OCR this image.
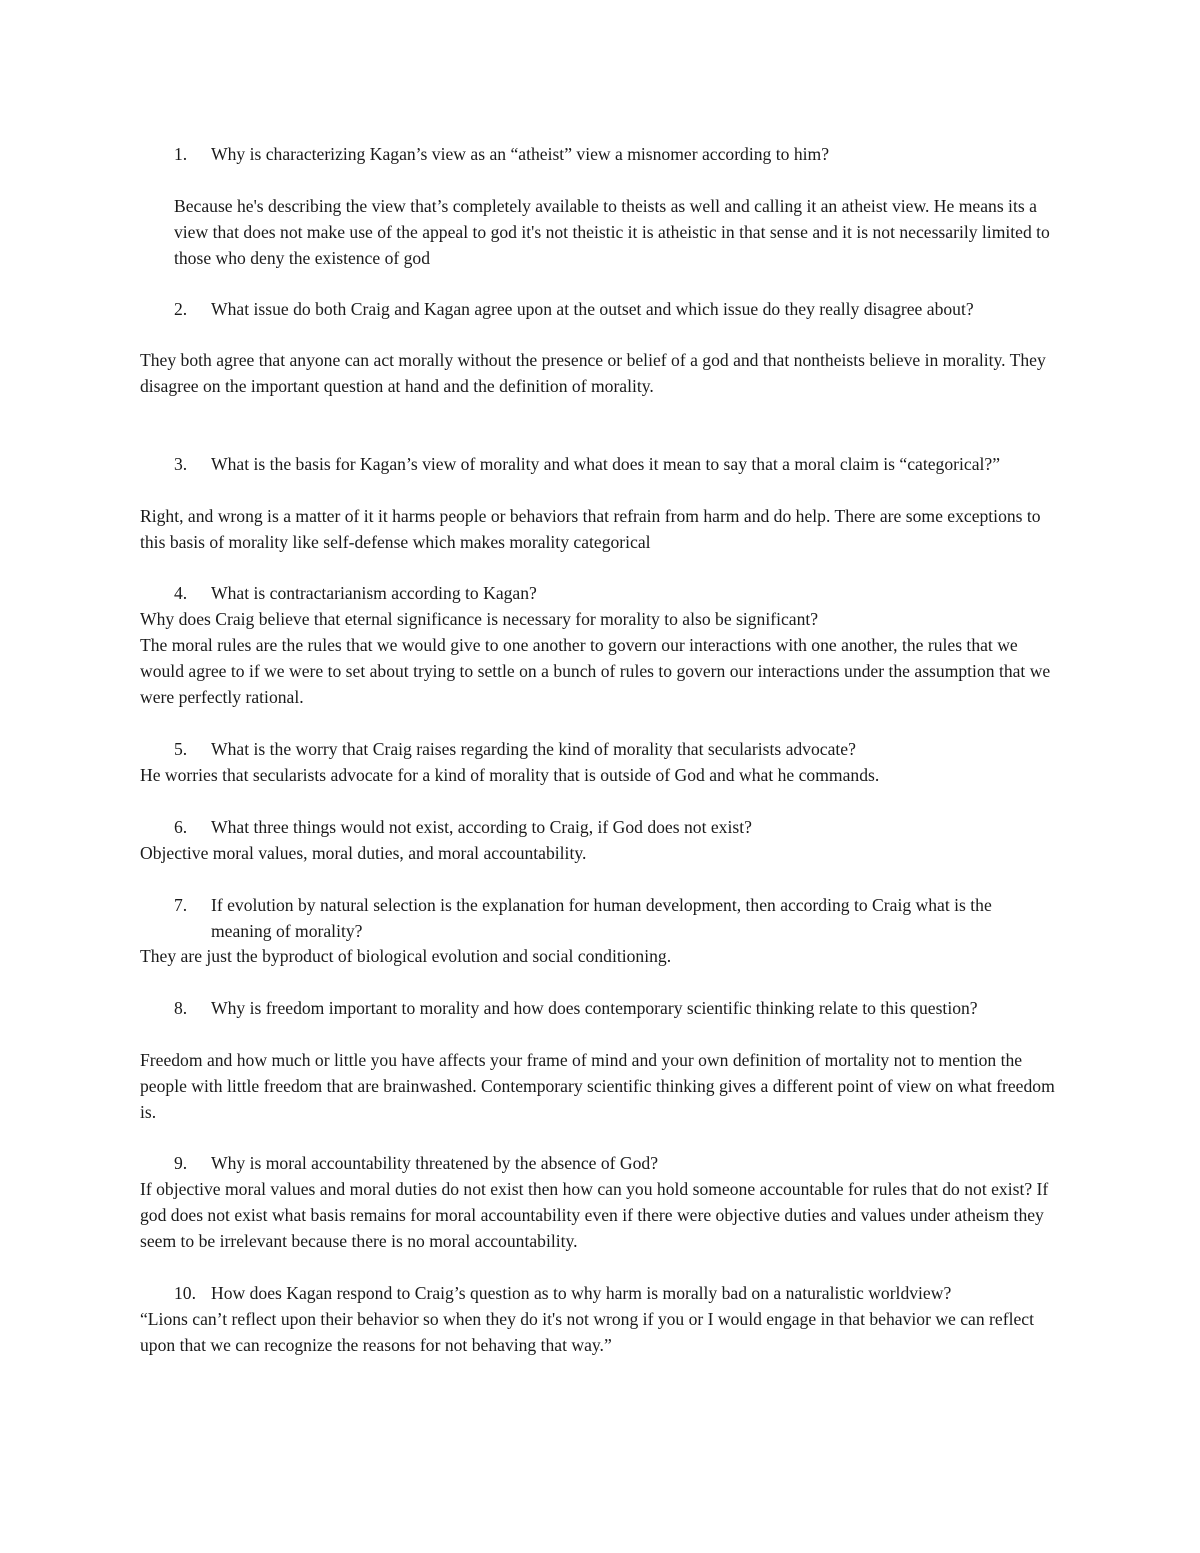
1.	Why is characterizing Kagan’s view as an “atheist” view a misnomer according to him?

Because he's describing the view that’s completely available to theists as well and calling it an atheist view. He means its a view that does not make use of the appeal to god it's not theistic it is atheistic in that sense and it is not necessarily limited to those who deny the existence of god

2.	What issue do both Craig and Kagan agree upon at the outset and which issue do they really disagree about?

They both agree that anyone can act morally without the presence or belief of a god and that nontheists believe in morality. They disagree on the important question at hand and the definition of morality.

3.	What is the basis for Kagan’s view of morality and what does it mean to say that a moral claim is “categorical?”

Right, and wrong is a matter of it it harms people or behaviors that refrain from harm and do help. There are some exceptions to this basis of morality like self-defense which makes morality categorical

4.	What is contractarianism according to Kagan?

Why does Craig believe that eternal significance is necessary for morality to also be significant?

The moral rules are the rules that we would give to one another to govern our interactions with one another, the rules that we would agree to if we were to set about trying to settle on a bunch of rules to govern our interactions under the assumption that we were perfectly rational.

5.	What is the worry that Craig raises regarding the kind of morality that secularists advocate?

He worries that secularists advocate for a kind of morality that is outside of God and what he commands.

6.	What three things would not exist, according to Craig, if God does not exist?

Objective moral values, moral duties, and moral accountability.

7.	If evolution by natural selection is the explanation for human development, then according to Craig what is the meaning of morality?

They are just the byproduct of biological evolution and social conditioning.

8.	Why is freedom important to morality and how does contemporary scientific thinking relate to this question?

Freedom and how much or little you have affects your frame of mind and your own definition of mortality not to mention the people with little freedom that are brainwashed. Contemporary scientific thinking gives a different point of view on what freedom is.

9.	Why is moral accountability threatened by the absence of God?

If objective moral values and moral duties do not exist then how can you hold someone accountable for rules that do not exist? If god does not exist what basis remains for moral accountability even if there were objective duties and values under atheism they seem to be irrelevant because there is no moral accountability.

10. How does Kagan respond to Craig’s question as to why harm is morally bad on a naturalistic worldview?

“Lions can’t reflect upon their behavior so when they do it's not wrong if you or I would engage in that behavior we can reflect upon that we can recognize the reasons for not behaving that way.”
